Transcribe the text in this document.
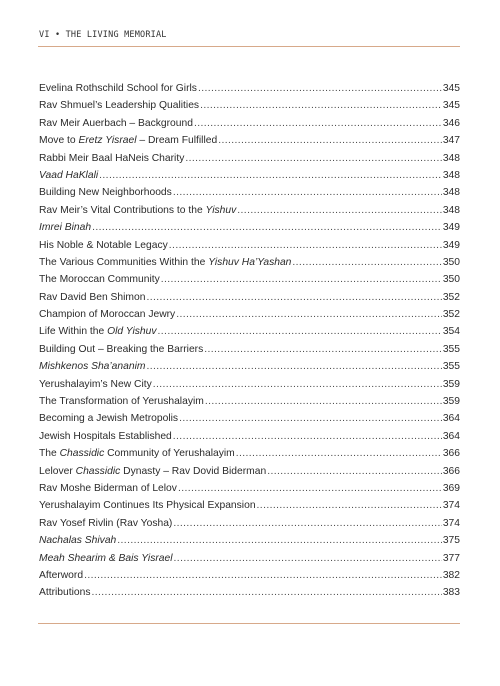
VI • THE LIVING MEMORIAL
Evelina Rothschild School for Girls .....	345
Rav Shmuel’s Leadership Qualities .....	345
Rav Meir Auerbach – Background .....	346
Move to Eretz Yisrael – Dream Fulfilled .....	347
Rabbi Meir Baal HaNeis Charity .....	348
Vaad HaKlali .....	348
Building New Neighborhoods .....	348
Rav Meir’s Vital Contributions to the Yishuv .....	348
Imrei Binah .....	349
His Noble & Notable Legacy .....	349
The Various Communities Within the Yishuv Ha’Yashan .....	350
The Moroccan Community .....	350
Rav David Ben Shimon .....	352
Champion of Moroccan Jewry .....	352
Life Within the Old Yishuv .....	354
Building Out – Breaking the Barriers .....	355
Mishkenos Sha’ananim .....	355
Yerushalayim’s New City .....	359
The Transformation of Yerushalayim .....	359
Becoming a Jewish Metropolis .....	364
Jewish Hospitals Established .....	364
The Chassidic Community of Yerushalayim .....	366
Lelover Chassidic Dynasty – Rav Dovid Biderman .....	366
Rav Moshe Biderman of Lelov .....	369
Yerushalayim Continues Its Physical Expansion .....	374
Rav Yosef Rivlin (Rav Yosha) .....	374
Nachalas Shivah .....	375
Meah Shearim & Bais Yisrael .....	377
Afterword .....	382
Attributions .....	383
